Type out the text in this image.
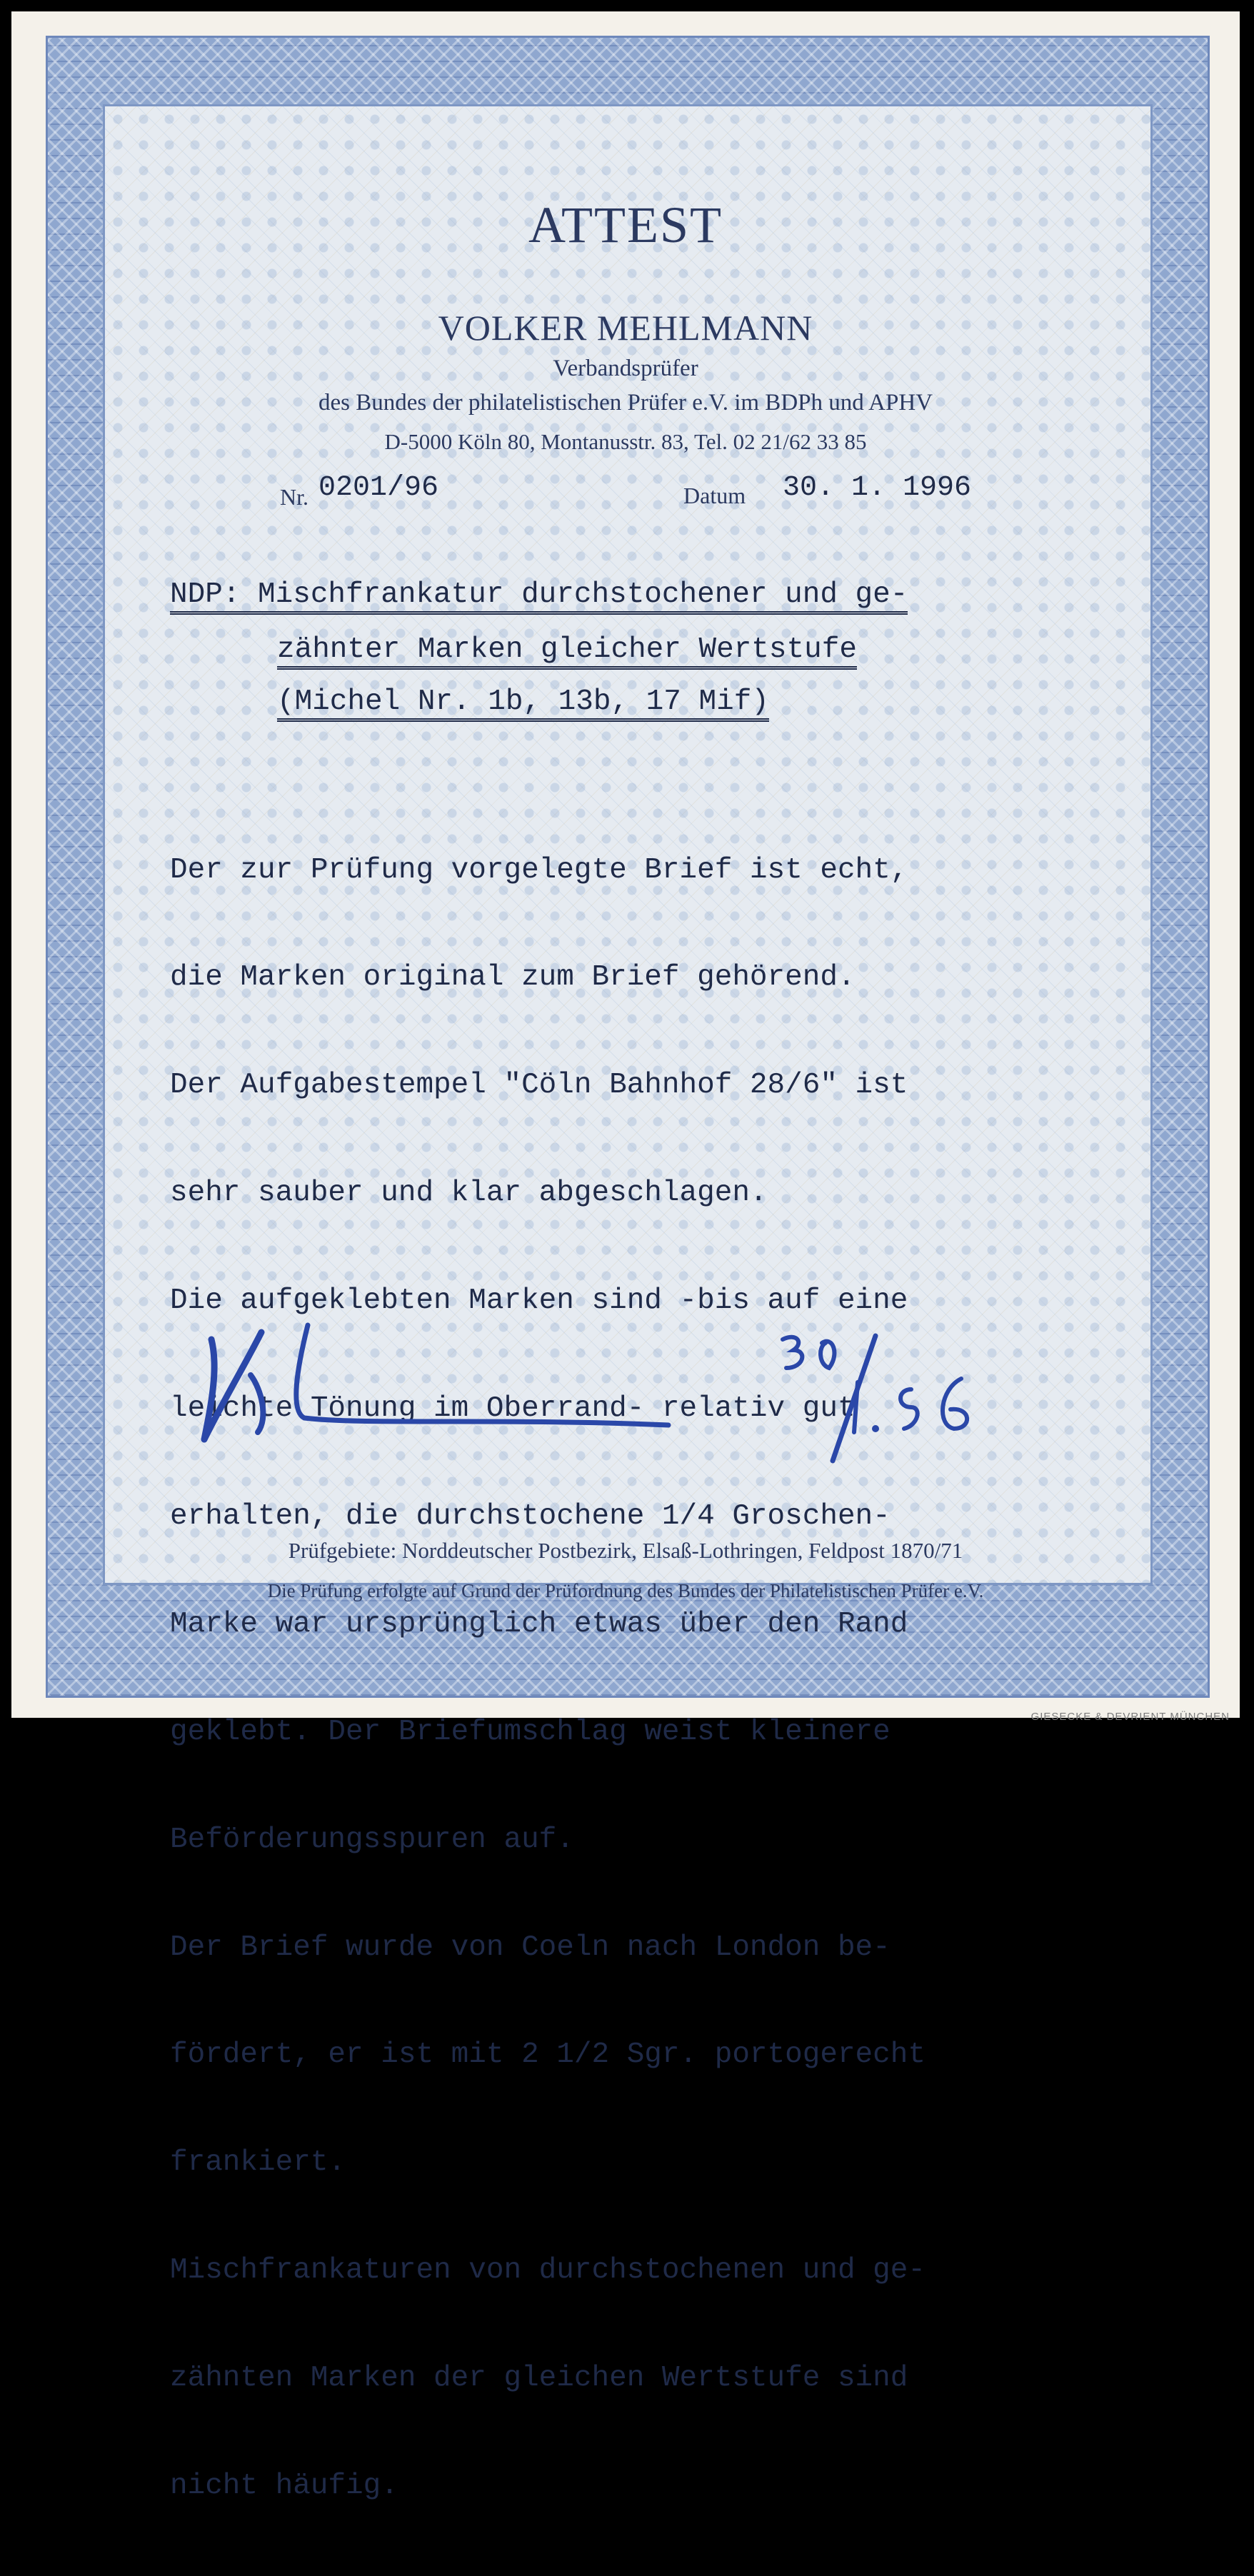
ATTEST
VOLKER MEHLMANN
Verbandsprüfer
des Bundes der philatelistischen Prüfer e.V. im BDPh und APHV
D-5000 Köln 80, Montanusstr. 83, Tel. 02 21/62 33 85
Nr. 0201/96	Datum 30. 1. 1996
NDP: Mischfrankatur durchstochener und ge-
zähnter Marken gleicher Wertstufe
(Michel Nr. 1b, 13b, 17 Mif)

Der zur Prüfung vorgelegte Brief ist echt,

die Marken original zum Brief gehörend.

Der Aufgabestempel "Cöln Bahnhof 28/6" ist

sehr sauber und klar abgeschlagen.

Die aufgeklebten Marken sind -bis auf eine

leichte Tönung im Oberrand- relativ gut

erhalten, die durchstochene 1/4 Groschen-

Marke war ursprünglich etwas über den Rand

geklebt. Der Briefumschlag weist kleinere

Beförderungsspuren auf.

Der Brief wurde von Coeln nach London be-

fördert, er ist mit 2 1/2 Sgr. portogerecht

frankiert.

Mischfrankaturen von durchstochenen und ge-

zähnten Marken der gleichen Wertstufe sind

nicht häufig.

Prüfgebiete: Norddeutscher Postbezirk, Elsaß-Lothringen, Feldpost 1870/71
Die Prüfung erfolgte auf Grund der Prüfordnung des Bundes der Philatelistischen Prüfer e.V.
GIESECKE & DEVRIENT MÜNCHEN
